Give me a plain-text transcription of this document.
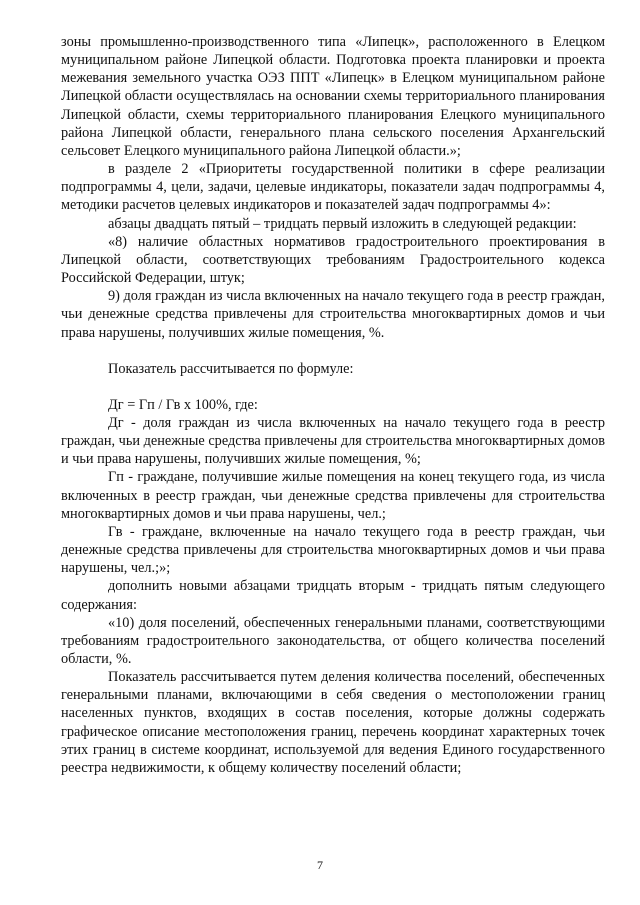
зоны промышленно-производственного типа «Липецк», расположенного в Елецком муниципальном районе Липецкой области. Подготовка проекта планировки и проекта межевания земельного участка ОЭЗ ППТ «Липецк» в Елецком муниципальном районе Липецкой области осуществлялась на основании схемы территориального планирования Липецкой области, схемы территориального планирования Елецкого муниципального района Липецкой области, генерального плана сельского поселения Архангельский сельсовет Елецкого муниципального района Липецкой области.»;

в разделе 2 «Приоритеты государственной политики в сфере реализации подпрограммы 4, цели, задачи, целевые индикаторы, показатели задач подпрограммы 4, методики расчетов целевых индикаторов и показателей задач подпрограммы 4»:

абзацы двадцать пятый – тридцать первый изложить в следующей редакции:

«8) наличие областных нормативов градостроительного проектирования в Липецкой области, соответствующих требованиям Градостроительного кодекса Российской Федерации, штук;

9) доля граждан из числа включенных на начало текущего года в реестр граждан, чьи денежные средства привлечены для строительства многоквартирных домов и чьи права нарушены, получивших жилые помещения, %.

Показатель рассчитывается по формуле:

Дг = Гп / Гв х 100%, где:

Дг - доля граждан из числа включенных на начало текущего года в реестр граждан, чьи денежные средства привлечены для строительства многоквартирных домов и чьи права нарушены, получивших жилые помещения, %;

Гп - граждане, получившие жилые помещения на конец текущего года, из числа включенных в реестр граждан, чьи денежные средства привлечены для строительства многоквартирных домов и чьи права нарушены, чел.;

Гв - граждане, включенные на начало текущего года в реестр граждан, чьи денежные средства привлечены для строительства многоквартирных домов и чьи права нарушены, чел.;»;

дополнить новыми абзацами тридцать вторым - тридцать пятым следующего содержания:

«10) доля поселений, обеспеченных генеральными планами, соответствующими требованиям градостроительного законодательства, от общего количества поселений области, %.

Показатель рассчитывается путем деления количества поселений, обеспеченных генеральными планами, включающими в себя сведения о местоположении границ населенных пунктов, входящих в состав поселения, которые должны содержать графическое описание местоположения границ, перечень координат характерных точек этих границ в системе координат, используемой для ведения Единого государственного реестра недвижимости, к общему количеству поселений области;

7
